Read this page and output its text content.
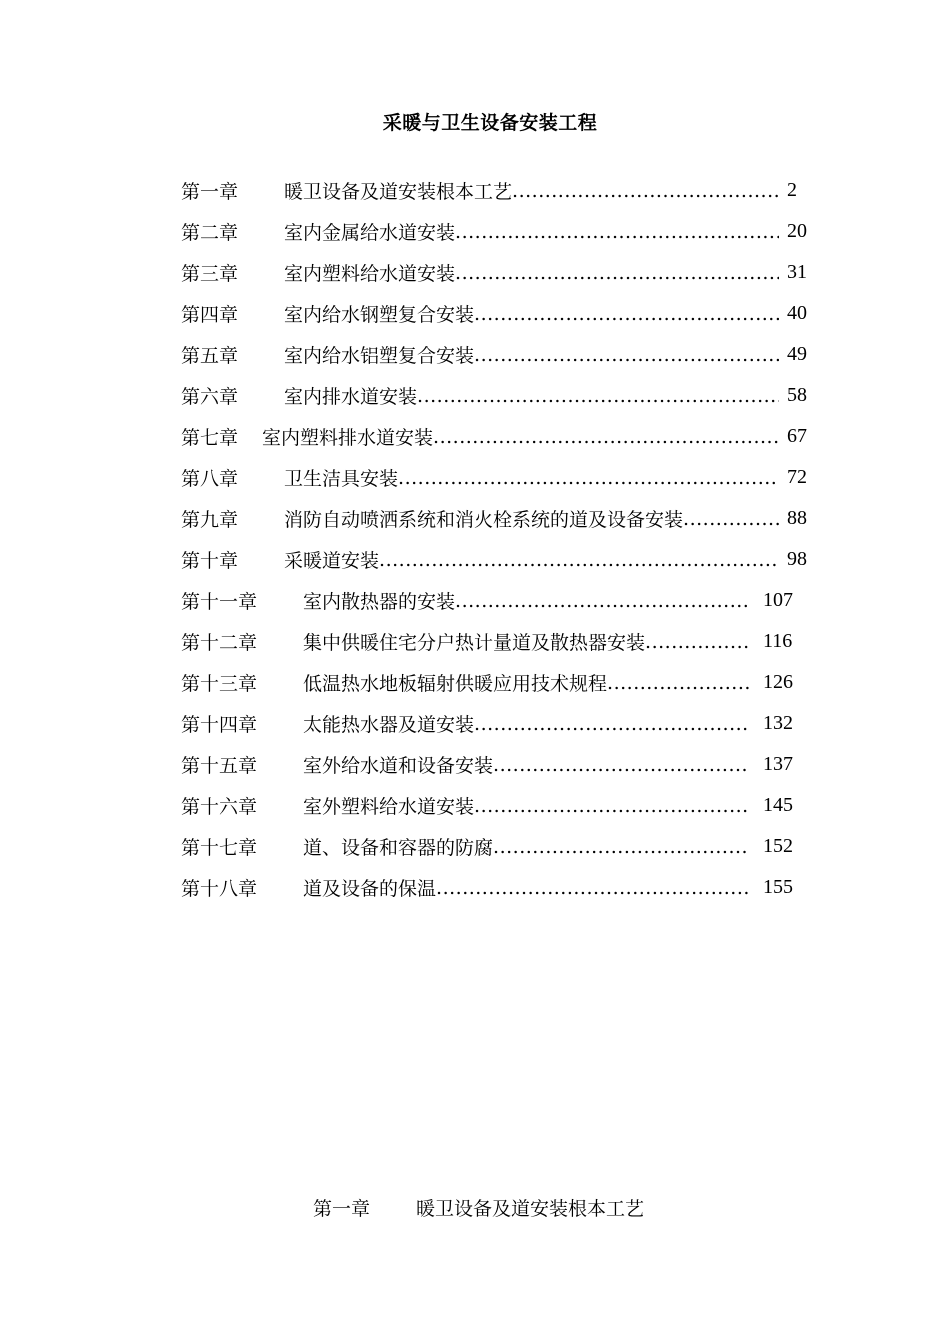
采暖与卫生设备安装工程
第一章 暖卫设备及道安装根本工艺 .....	2
第二章 室内金属给水道安装 .....	20
第三章 室内塑料给水道安装 .....	31
第四章 室内给水钢塑复合安装 .....	40
第五章 室内给水铝塑复合安装 .....	49
第六章 室内排水道安装 .....	58
第七章 室内塑料排水道安装 .....	67
第八章 卫生洁具安装 .....	72
第九章 消防自动喷洒系统和消火栓系统的道及设备安装 .....	88
第十章 采暖道安装 .....	98
第十一章 室内散热器的安装 .....	107
第十二章 集中供暖住宅分户热计量道及散热器安装 .....	116
第十三章 低温热水地板辐射供暖应用技术规程 .....	126
第十四章 太能热水器及道安装 .....	132
第十五章 室外给水道和设备安装 .....	137
第十六章 室外塑料给水道安装 .....	145
第十七章 道、设备和容器的防腐 .....	152
第十八章 道及设备的保温 .....	155
第一章 暖卫设备及道安装根本工艺
